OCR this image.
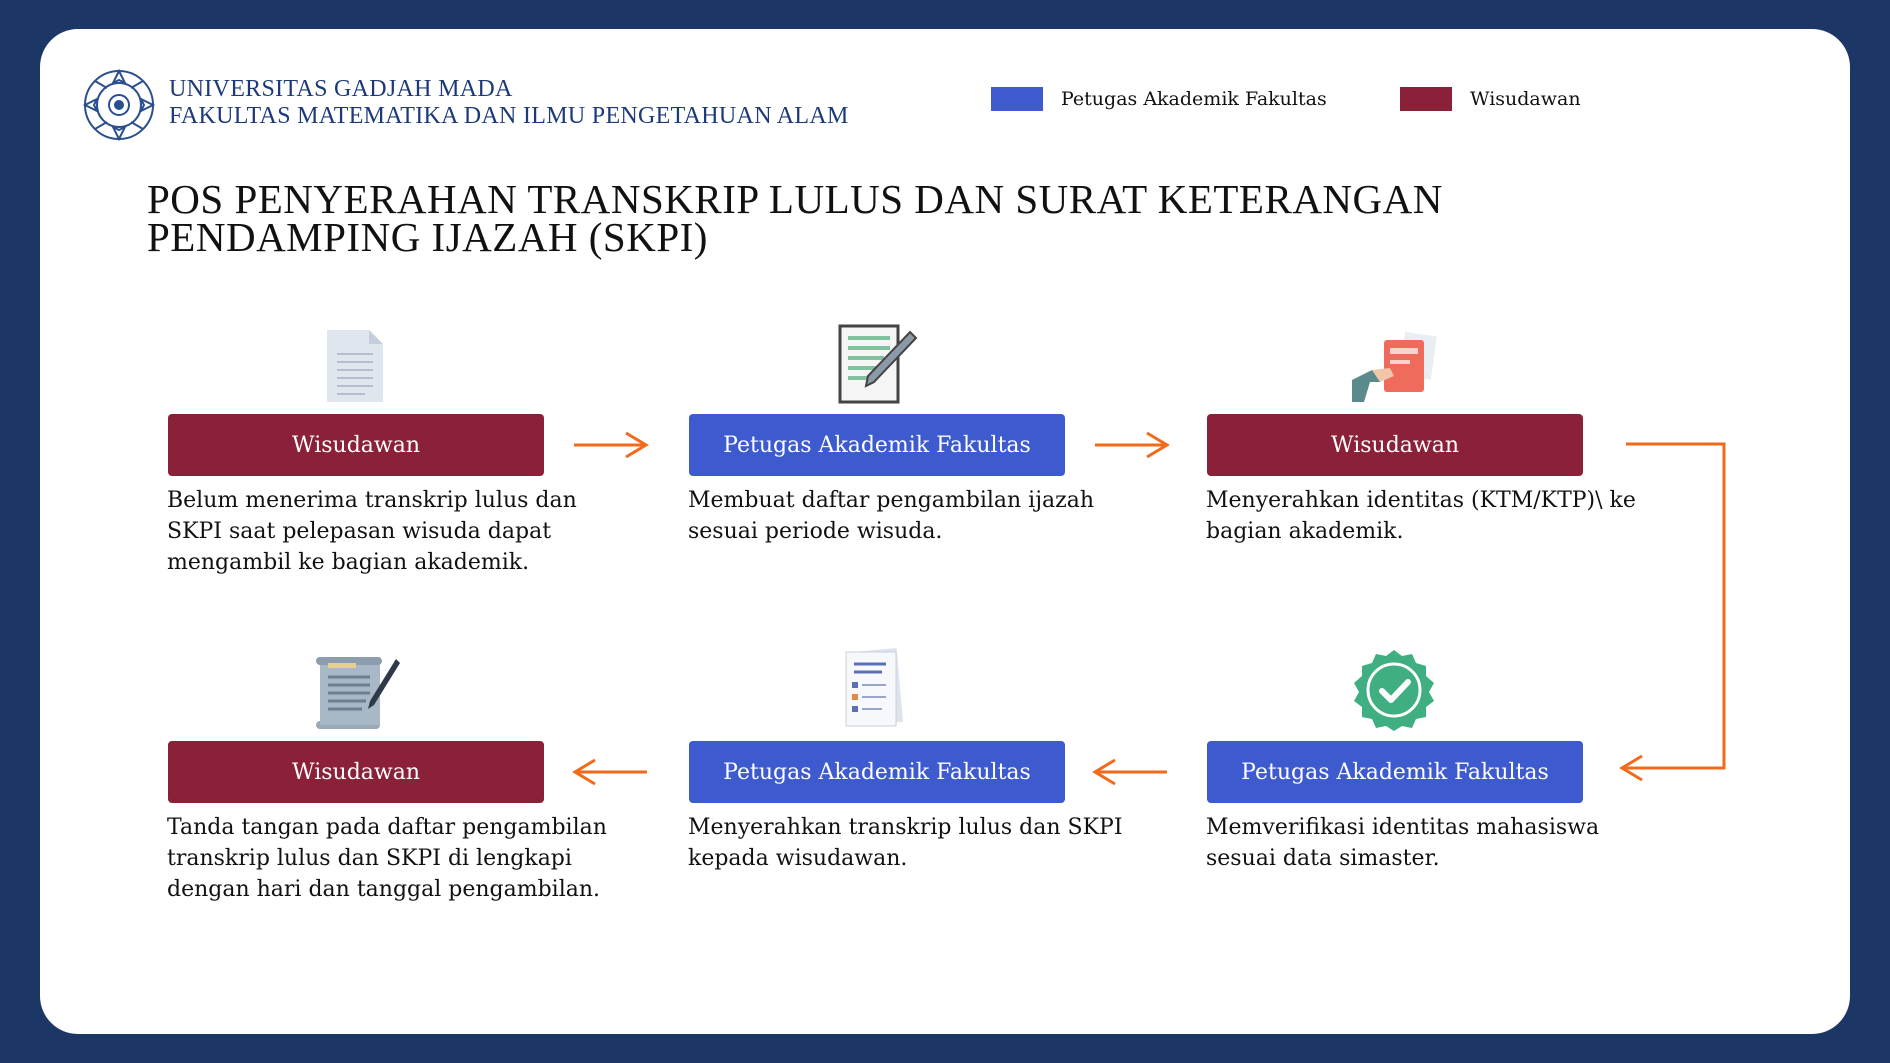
UNIVERSITAS GADJAH MADA
FAKULTAS MATEMATIKA DAN ILMU PENGETAHUAN ALAM
Petugas Akademik Fakultas	Wisudawan
POS PENYERAHAN TRANSKRIP LULUS DAN SURAT KETERANGAN PENDAMPING IJAZAH (SKPI)
Wisudawan
Belum menerima transkrip lulus dan SKPI saat pelepasan wisuda dapat mengambil ke bagian akademik.
Petugas Akademik Fakultas
Membuat daftar pengambilan ijazah sesuai periode wisuda.
Wisudawan
Menyerahkan identitas (KTM/KTP)\ ke bagian akademik.
Petugas Akademik Fakultas
Memverifikasi identitas mahasiswa sesuai data simaster.
Petugas Akademik Fakultas
Menyerahkan transkrip lulus dan SKPI kepada wisudawan.
Wisudawan
Tanda tangan pada daftar pengambilan transkrip lulus dan SKPI di lengkapi dengan hari dan tanggal pengambilan.
